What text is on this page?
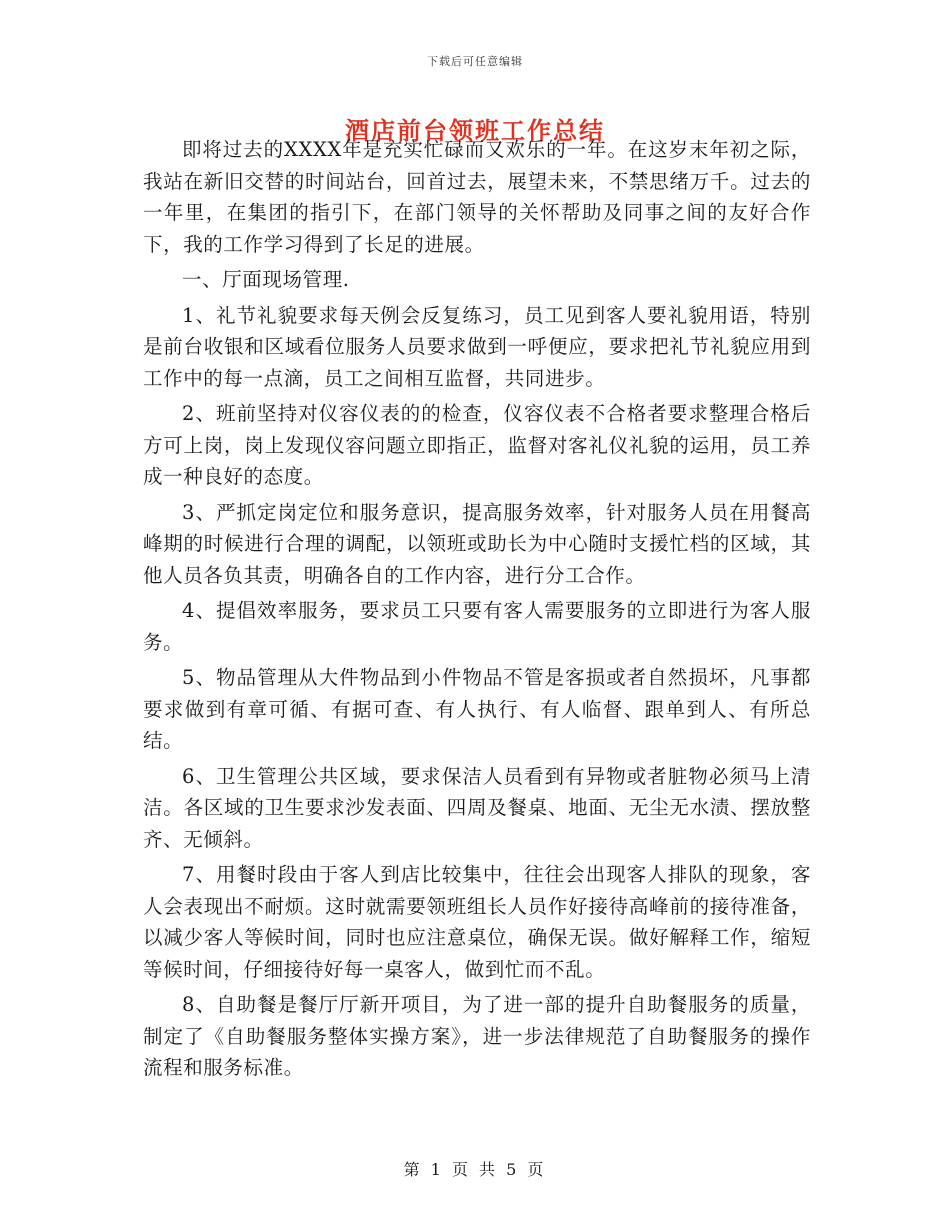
下载后可任意编辑
酒店前台领班工作总结

即将过去的XXXX年是充实忙碌而又欢乐的一年。在这岁末年初之际，我站在新旧交替的时间站台，回首过去，展望未来，不禁思绪万千。过去的一年里，在集团的指引下，在部门领导的关怀帮助及同事之间的友好合作下，我的工作学习得到了长足的进展。

一、厅面现场管理.

1、礼节礼貌要求每天例会反复练习，员工见到客人要礼貌用语，特别是前台收银和区域看位服务人员要求做到一呼便应，要求把礼节礼貌应用到工作中的每一点滴，员工之间相互监督，共同进步。

2、班前坚持对仪容仪表的的检查，仪容仪表不合格者要求整理合格后方可上岗，岗上发现仪容问题立即指正，监督对客礼仪礼貌的运用，员工养成一种良好的态度。

3、严抓定岗定位和服务意识，提高服务效率，针对服务人员在用餐高峰期的时候进行合理的调配，以领班或助长为中心随时支援忙档的区域，其他人员各负其责，明确各自的工作内容，进行分工合作。

4、提倡效率服务，要求员工只要有客人需要服务的立即进行为客人服务。

5、物品管理从大件物品到小件物品不管是客损或者自然损坏，凡事都要求做到有章可循、有据可查、有人执行、有人临督、跟单到人、有所总结。

6、卫生管理公共区域，要求保洁人员看到有异物或者脏物必须马上清洁。各区域的卫生要求沙发表面、四周及餐桌、地面、无尘无水渍、摆放整齐、无倾斜。

7、用餐时段由于客人到店比较集中，往往会出现客人排队的现象，客人会表现出不耐烦。这时就需要领班组长人员作好接待高峰前的接待准备，以减少客人等候时间，同时也应注意桌位，确保无误。做好解释工作，缩短等候时间，仔细接待好每一桌客人，做到忙而不乱。

8、自助餐是餐厅厅新开项目，为了进一部的提升自助餐服务的质量，制定了《自助餐服务整体实操方案》，进一步法律规范了自助餐服务的操作流程和服务标准。

第 1 页 共 5 页
